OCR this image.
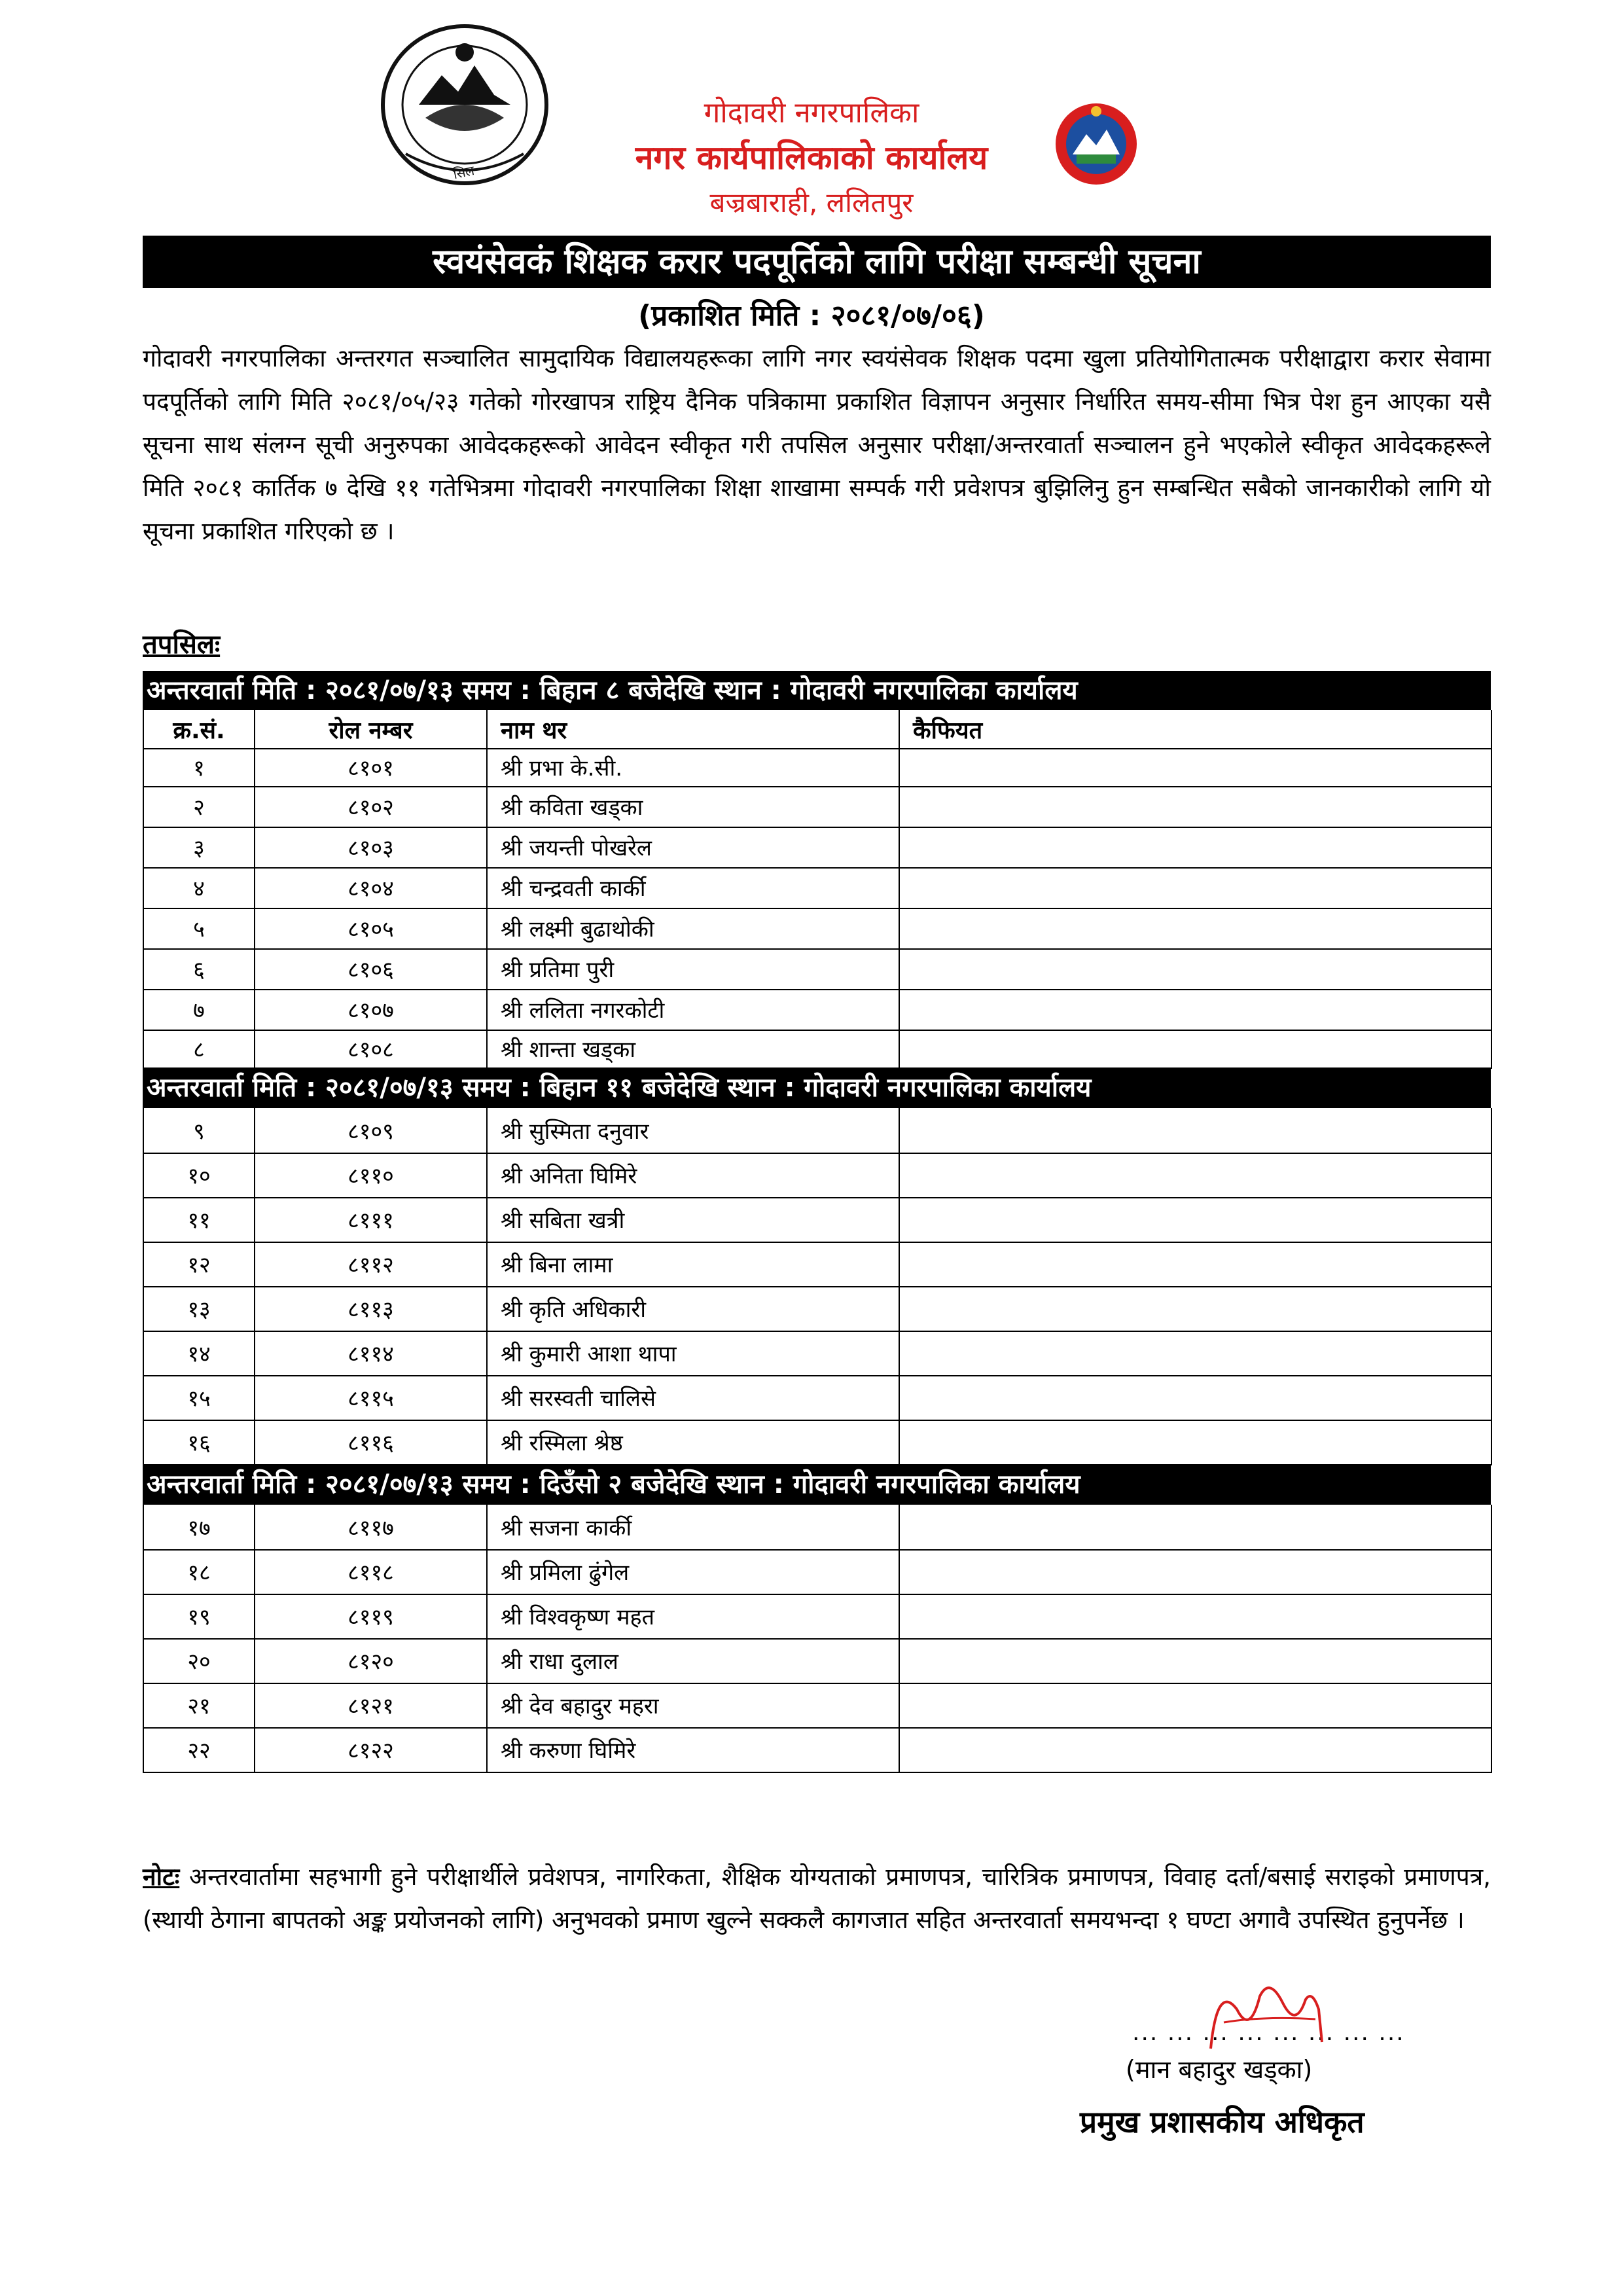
सिल
गोदावरी नगरपालिका
नगर कार्यपालिकाको कार्यालय
बज्रबाराही, ललितपुर
स्वयंसेवकं शिक्षक करार पदपूर्तिको लागि परीक्षा सम्बन्धी सूचना
(प्रकाशित मिति : २०८१/०७/०६)
गोदावरी नगरपालिका अन्तरगत सञ्चालित सामुदायिक विद्यालयहरूका लागि नगर स्वयंसेवक शिक्षक पदमा खुला प्रतियोगितात्मक परीक्षाद्वारा करार सेवामा पदपूर्तिको लागि मिति २०८१/०५/२३ गतेको गोरखापत्र राष्ट्रिय दैनिक पत्रिकामा प्रकाशित विज्ञापन अनुसार निर्धारित समय-सीमा भित्र पेश हुन आएका यसै सूचना साथ संलग्न सूची अनुरुपका आवेदकहरूको आवेदन स्वीकृत गरी तपसिल अनुसार परीक्षा/अन्तरवार्ता सञ्चालन हुने भएकोले स्वीकृत आवेदकहरूले मिति २०८१ कार्तिक ७ देखि ११ गतेभित्रमा गोदावरी नगरपालिका शिक्षा शाखामा सम्पर्क गरी प्रवेशपत्र बुझिलिनु हुन सम्बन्धित सबैको जानकारीको लागि यो सूचना प्रकाशित गरिएको छ ।
तपसिलः
अन्तरवार्ता मिति : २०८१/०७/१३ समय : बिहान ८ बजेदेखि स्थान : गोदावरी नगरपालिका कार्यालय
क्र.सं.	रोल नम्बर	नाम थर	कैफियत
१	८१०१	श्री प्रभा के.सी.
२	८१०२	श्री कविता खड्का
३	८१०३	श्री जयन्ती पोखरेल
४	८१०४	श्री चन्द्रवती कार्की
५	८१०५	श्री लक्ष्मी बुढाथोकी
६	८१०६	श्री प्रतिमा पुरी
७	८१०७	श्री ललिता नगरकोटी
८	८१०८	श्री शान्ता खड्का
अन्तरवार्ता मिति : २०८१/०७/१३ समय : बिहान ११ बजेदेखि स्थान : गोदावरी नगरपालिका कार्यालय
९	८१०९	श्री सुस्मिता दनुवार
१०	८११०	श्री अनिता घिमिरे
११	८१११	श्री सबिता खत्री
१२	८११२	श्री बिना लामा
१३	८११३	श्री कृति अधिकारी
१४	८११४	श्री कुमारी आशा थापा
१५	८११५	श्री सरस्वती चालिसे
१६	८११६	श्री रस्मिला श्रेष्ठ
अन्तरवार्ता मिति : २०८१/०७/१३ समय : दिउँसो २ बजेदेखि स्थान : गोदावरी नगरपालिका कार्यालय
१७	८११७	श्री सजना कार्की
१८	८११८	श्री प्रमिला ढुंगेल
१९	८११९	श्री विश्वकृष्ण महत
२०	८१२०	श्री राधा दुलाल
२१	८१२१	श्री देव बहादुर महरा
२२	८१२२	श्री करुणा घिमिरे
नोटः अन्तरवार्तामा सहभागी हुने परीक्षार्थीले प्रवेशपत्र, नागरिकता, शैक्षिक योग्यताको प्रमाणपत्र, चारित्रिक प्रमाणपत्र, विवाह दर्ता/बसाई सराइको प्रमाणपत्र, (स्थायी ठेगाना बापतको अङ्क प्रयोजनको लागि) अनुभवको प्रमाण खुल्ने सक्कलै कागजात सहित अन्तरवार्ता समयभन्दा १ घण्टा अगावै उपस्थित हुनुपर्नेछ ।
... ... ... ... ... ... ... ...
(मान बहादुर खड्का)
प्रमुख प्रशासकीय अधिकृत
